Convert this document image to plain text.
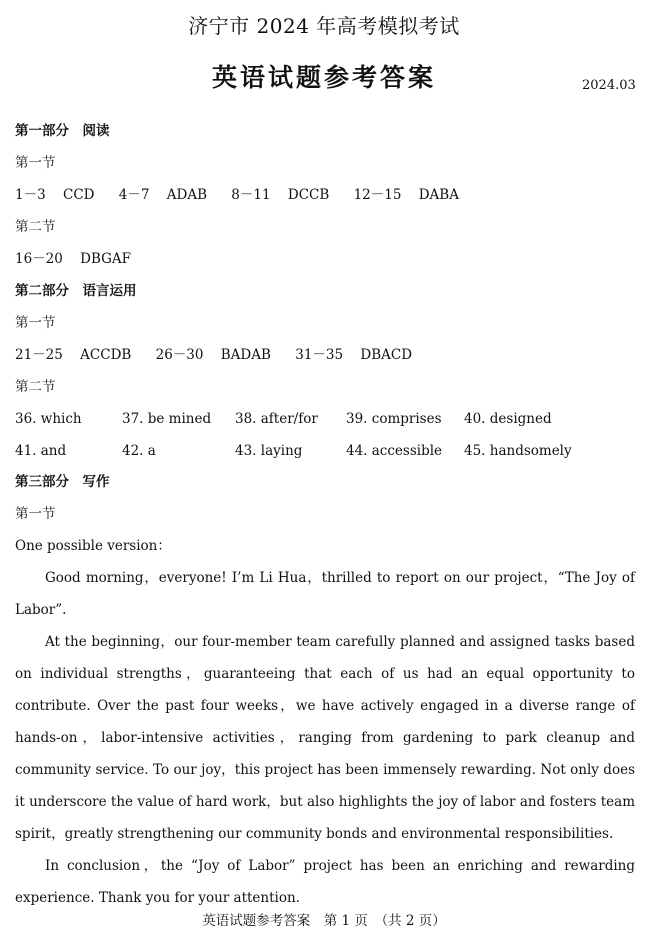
济宁市 2024 年高考模拟考试
英语试题参考答案	2024.03
第一部分　阅读
第一节
1－3 CCD 4－7 ADAB 8－11 DCCB 12－15 DABA
第二节
16－20 DBGAF
第二部分　语言运用
第一节
21－25 ACCDB 26－30 BADAB 31－35 DBACD
第二节
36. which	37. be mined 38. after/for 39. comprises 40. designed
41. and	42. a	43. laying	44. accessible 45. handsomely
第三部分　写作
第一节
One possible version：

Good morning，everyone! I’m Li Hua，thrilled to report on our project，“The Joy of Labor”.

At the beginning，our four-member team carefully planned and assigned tasks based on individual strengths，guaranteeing that each of us had an equal opportunity to contribute. Over the past four weeks，we have actively engaged in a diverse range of hands-on，labor-intensive activities，ranging from gardening to park cleanup and community service. To our joy，this project has been immensely rewarding. Not only does it underscore the value of hard work，but also highlights the joy of labor and fosters team spirit，greatly strengthening our community bonds and environmental responsibilities.

In conclusion，the “Joy of Labor” project has been an enriching and rewarding experience. Thank you for your attention.

英语试题参考答案　第 1 页　（共 2 页）
